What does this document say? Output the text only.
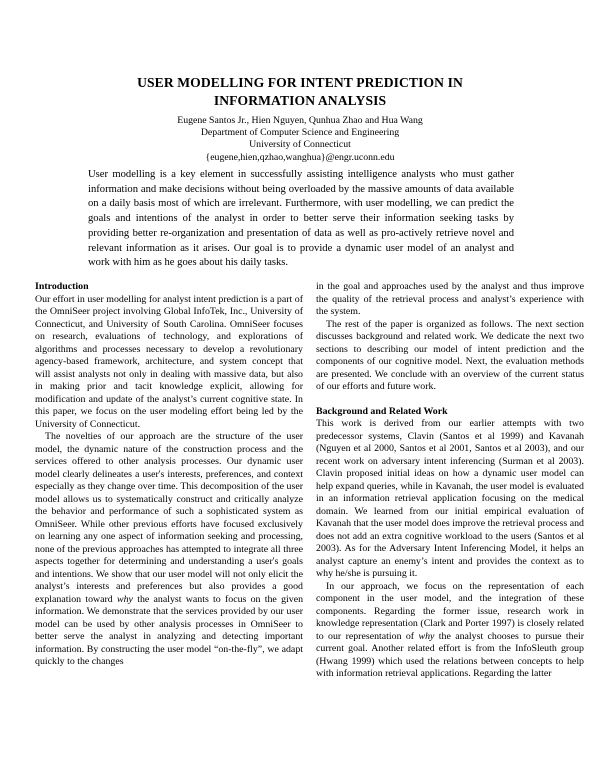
USER MODELLING FOR INTENT PREDICTION IN
INFORMATION ANALYSIS
Eugene Santos Jr., Hien Nguyen, Qunhua Zhao and Hua Wang
Department of Computer Science and Engineering
University of Connecticut
{eugene,hien,qzhao,wanghua}@engr.uconn.edu
User modelling is a key element in successfully assisting intelligence analysts who must gather information and make decisions without being overloaded by the massive amounts of data available on a daily basis most of which are irrelevant. Furthermore, with user modelling, we can predict the goals and intentions of the analyst in order to better serve their information seeking tasks by providing better re-organization and presentation of data as well as pro-actively retrieve novel and relevant information as it arises. Our goal is to provide a dynamic user model of an analyst and work with him as he goes about his daily tasks.
Introduction

Our effort in user modelling for analyst intent prediction is a part of the OmniSeer project involving Global InfoTek, Inc., University of Connecticut, and University of South Carolina. OmniSeer focuses on research, evaluations of technology, and explorations of algorithms and processes necessary to develop a revolutionary agency-based framework, architecture, and system concept that will assist analysts not only in dealing with massive data, but also in making prior and tacit knowledge explicit, allowing for modification and update of the analyst’s current cognitive state. In this paper, we focus on the user modeling effort being led by the University of Connecticut.

The novelties of our approach are the structure of the user model, the dynamic nature of the construction process and the services offered to other analysis processes. Our dynamic user model clearly delineates a user's interests, preferences, and context especially as they change over time. This decomposition of the user model allows us to systematically construct and critically analyze the behavior and performance of such a sophisticated system as OmniSeer. While other previous efforts have focused exclusively on learning any one aspect of information seeking and processing, none of the previous approaches has attempted to integrate all three aspects together for determining and understanding a user's goals and intentions. We show that our user model will not only elicit the analyst’s interests and preferences but also provides a good explanation toward why the analyst wants to focus on the given information. We demonstrate that the services provided by our user model can be used by other analysis processes in OmniSeer to better serve the analyst in analyzing and detecting important information. By constructing the user model “on-the-fly”, we adapt quickly to the changes

in the goal and approaches used by the analyst and thus improve the quality of the retrieval process and analyst’s experience with the system.

The rest of the paper is organized as follows. The next section discusses background and related work. We dedicate the next two sections to describing our model of intent prediction and the components of our cognitive model. Next, the evaluation methods are presented. We conclude with an overview of the current status of our efforts and future work.

Background and Related Work

This work is derived from our earlier attempts with two predecessor systems, Clavin (Santos et al 1999) and Kavanah (Nguyen et al 2000, Santos et al 2001, Santos et al 2003), and our recent work on adversary intent inferencing (Surman et al 2003). Clavin proposed initial ideas on how a dynamic user model can help expand queries, while in Kavanah, the user model is evaluated in an information retrieval application focusing on the medical domain. We learned from our initial empirical evaluation of Kavanah that the user model does improve the retrieval process and does not add an extra cognitive workload to the users (Santos et al 2003). As for the Adversary Intent Inferencing Model, it helps an analyst capture an enemy’s intent and provides the context as to why he/she is pursuing it.

In our approach, we focus on the representation of each component in the user model, and the integration of these components. Regarding the former issue, research work in knowledge representation (Clark and Porter 1997) is closely related to our representation of why the analyst chooses to pursue their current goal. Another related effort is from the InfoSleuth group (Hwang 1999) which used the relations between concepts to help with information retrieval applications. Regarding the latter
